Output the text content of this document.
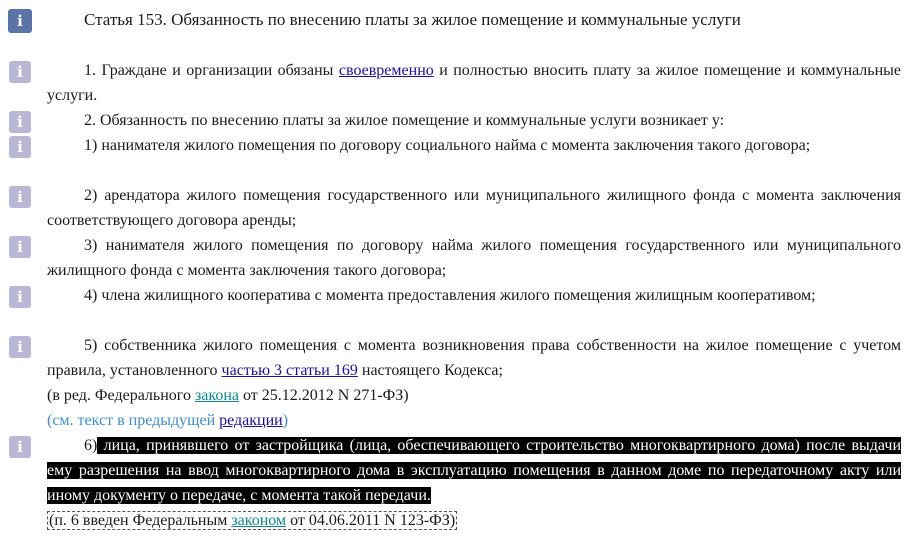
i
i
i
i
i
i
i
i
i
Статья 153. Обязанность по внесению платы за жилое помещение и коммунальные услуги
1. Граждане и организации обязаны своевременно и полностью вносить плату за жилое помещение и коммунальные услуги.
2. Обязанность по внесению платы за жилое помещение и коммунальные услуги возникает у:
1) нанимателя жилого помещения по договору социального найма с момента заключения такого договора;
2) арендатора жилого помещения государственного или муниципального жилищного фонда с момента заключения соответствующего договора аренды;
3) нанимателя жилого помещения по договору найма жилого помещения государственного или муниципального жилищного фонда с момента заключения такого договора;
4) члена жилищного кооператива с момента предоставления жилого помещения жилищным кооперативом;
5) собственника жилого помещения с момента возникновения права собственности на жилое помещение с учетом правила, установленного частью 3 статьи 169 настоящего Кодекса;
(в ред. Федерального закона от 25.12.2012 N 271-ФЗ)
(см. текст в предыдущей редакции)
6) лица, принявшего от застройщика (лица, обеспечивающего строительство многоквартирного дома) после выдачи ему разрешения на ввод многоквартирного дома в эксплуатацию помещения в данном доме по передаточному акту или иному документу о передаче, с момента такой передачи.
(п. 6 введен Федеральным законом от 04.06.2011 N 123-ФЗ)
